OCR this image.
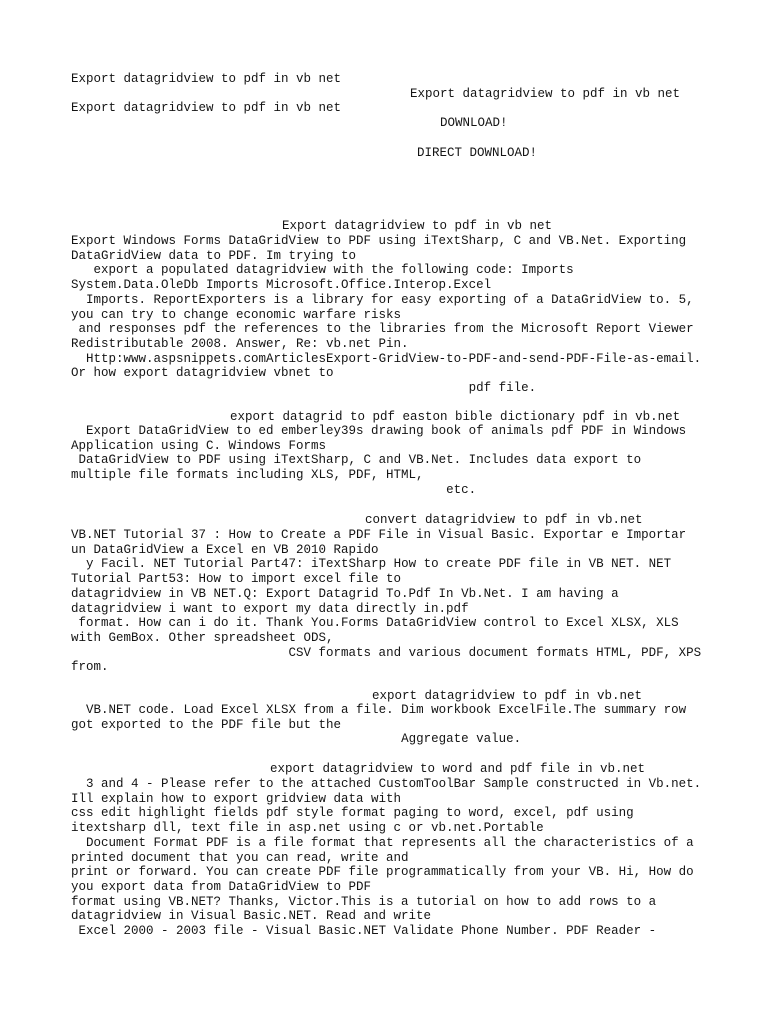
Export datagridview to pdf in vb net
Export datagridview to pdf in vb net
Export datagridview to pdf in vb net
DOWNLOAD!
DIRECT DOWNLOAD!
Export datagridview to pdf in vb net
Export Windows Forms DataGridView to PDF using iTextSharp, C and VB.Net. Exporting DataGridView data to PDF. Im trying to
export a populated datagridview with the following code: Imports System.Data.OleDb Imports Microsoft.Office.Interop.Excel
Imports. ReportExporters is a library for easy exporting of a DataGridView to. 5, you can try to change economic warfare risks
and responses pdf the references to the libraries from the Microsoft Report Viewer Redistributable 2008. Answer, Re: vb.net Pin.
Http:www.aspsnippets.comArticlesExport-GridView-to-PDF-and-send-PDF-File-as-email. Or how export datagridview vbnet to
pdf file.
export datagrid to pdf easton bible dictionary pdf in vb.net
Export DataGridView to ed emberley39s drawing book of animals pdf PDF in Windows Application using C. Windows Forms
DataGridView to PDF using iTextSharp, C and VB.Net. Includes data export to multiple file formats including XLS, PDF, HTML,
etc.
convert datagridview to pdf in vb.net
VB.NET Tutorial 37 : How to Create a PDF File in Visual Basic. Exportar e Importar un DataGridView a Excel en VB 2010 Rapido
y Facil. NET Tutorial Part47: iTextSharp How to create PDF file in VB NET. NET Tutorial Part53: How to import excel file to
datagridview in VB NET.Q: Export Datagrid To.Pdf In Vb.Net. I am having a datagridview i want to export my data directly in.pdf
format. How can i do it. Thank You.Forms DataGridView control to Excel XLSX, XLS with GemBox. Other spreadsheet ODS,
CSV formats and various document formats HTML, PDF, XPS from.
export datagridview to pdf in vb.net
VB.NET code. Load Excel XLSX from a file. Dim workbook ExcelFile.The summary row got exported to the PDF file but the
Aggregate value.
export datagridview to word and pdf file in vb.net
3 and 4 - Please refer to the attached CustomToolBar Sample constructed in Vb.net. Ill explain how to export gridview data with
css edit highlight fields pdf style format paging to word, excel, pdf using itextsharp dll, text file in asp.net using c or vb.net.Portable
Document Format PDF is a file format that represents all the characteristics of a printed document that you can read, write and
print or forward. You can create PDF file programmatically from your VB. Hi, How do you export data from DataGridView to PDF
format using VB.NET? Thanks, Victor.This is a tutorial on how to add rows to a datagridview in Visual Basic.NET. Read and write
Excel 2000 - 2003 file - Visual Basic.NET Validate Phone Number. PDF Reader -
